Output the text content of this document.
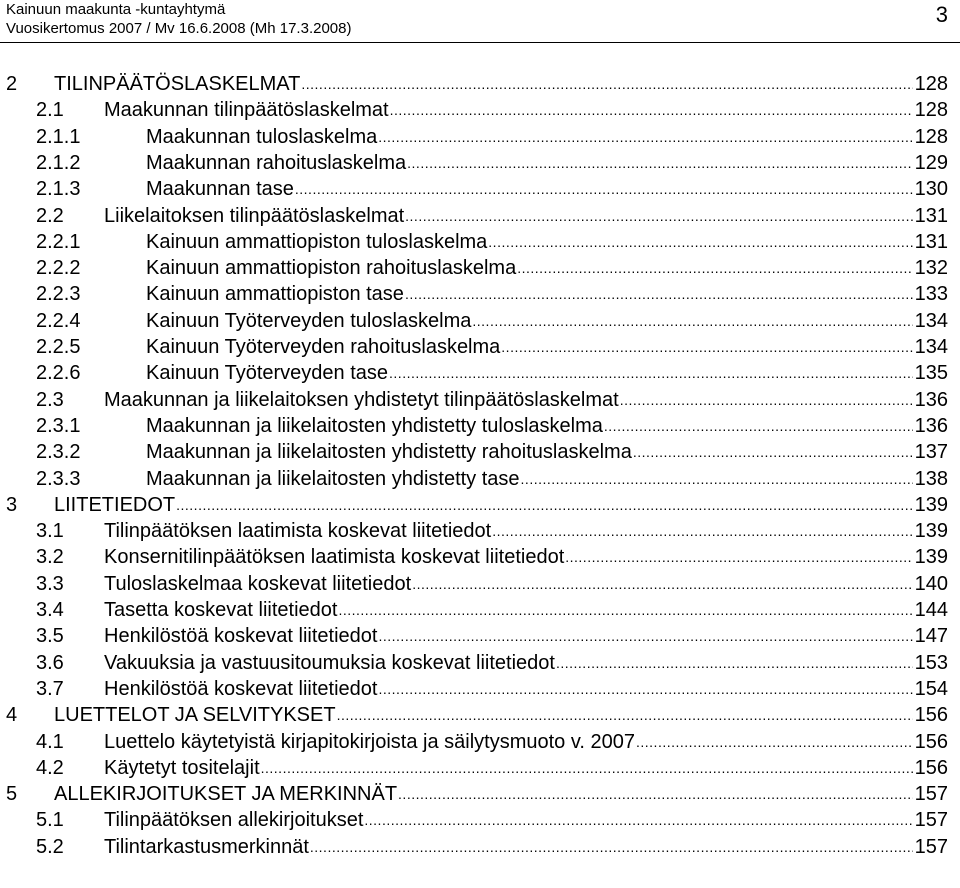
Kainuun maakunta -kuntayhtymä
Vuosikertomus 2007 / Mv 16.6.2008 (Mh 17.3.2008)
3
2	TILINPÄÄTÖSLASKELMAT .....	128
2.1	Maakunnan tilinpäätöslaskelmat .....	128
2.1.1	Maakunnan tuloslaskelma .....	128
2.1.2	Maakunnan rahoituslaskelma .....	129
2.1.3	Maakunnan tase .....	130
2.2	Liikelaitoksen tilinpäätöslaskelmat .....	131
2.2.1	Kainuun ammattiopiston tuloslaskelma .....	131
2.2.2	Kainuun ammattiopiston rahoituslaskelma .....	132
2.2.3	Kainuun ammattiopiston tase .....	133
2.2.4	Kainuun Työterveyden tuloslaskelma .....	134
2.2.5	Kainuun Työterveyden rahoituslaskelma .....	134
2.2.6	Kainuun Työterveyden tase .....	135
2.3	Maakunnan ja liikelaitoksen yhdistetyt tilinpäätöslaskelmat .....	136
2.3.1	Maakunnan ja liikelaitosten yhdistetty tuloslaskelma .....	136
2.3.2	Maakunnan ja liikelaitosten yhdistetty rahoituslaskelma .....	137
2.3.3	Maakunnan ja liikelaitosten yhdistetty tase .....	138
3	LIITETIEDOT .....	139
3.1	Tilinpäätöksen laatimista koskevat liitetiedot .....	139
3.2	Konsernitilinpäätöksen laatimista koskevat liitetiedot .....	139
3.3	Tuloslaskelmaa koskevat liitetiedot .....	140
3.4	Tasetta koskevat liitetiedot .....	144
3.5	Henkilöstöä koskevat liitetiedot .....	147
3.6	Vakuuksia ja vastuusitoumuksia koskevat liitetiedot .....	153
3.7	Henkilöstöä koskevat liitetiedot .....	154
4	LUETTELOT JA SELVITYKSET .....	156
4.1	Luettelo käytetyistä kirjapitokirjoista ja säilytysmuoto v. 2007 .....	156
4.2	Käytetyt tositelajit .....	156
5	ALLEKIRJOITUKSET JA MERKINNÄT .....	157
5.1	Tilinpäätöksen allekirjoitukset .....	157
5.2	Tilintarkastusmerkinnät .....	157
